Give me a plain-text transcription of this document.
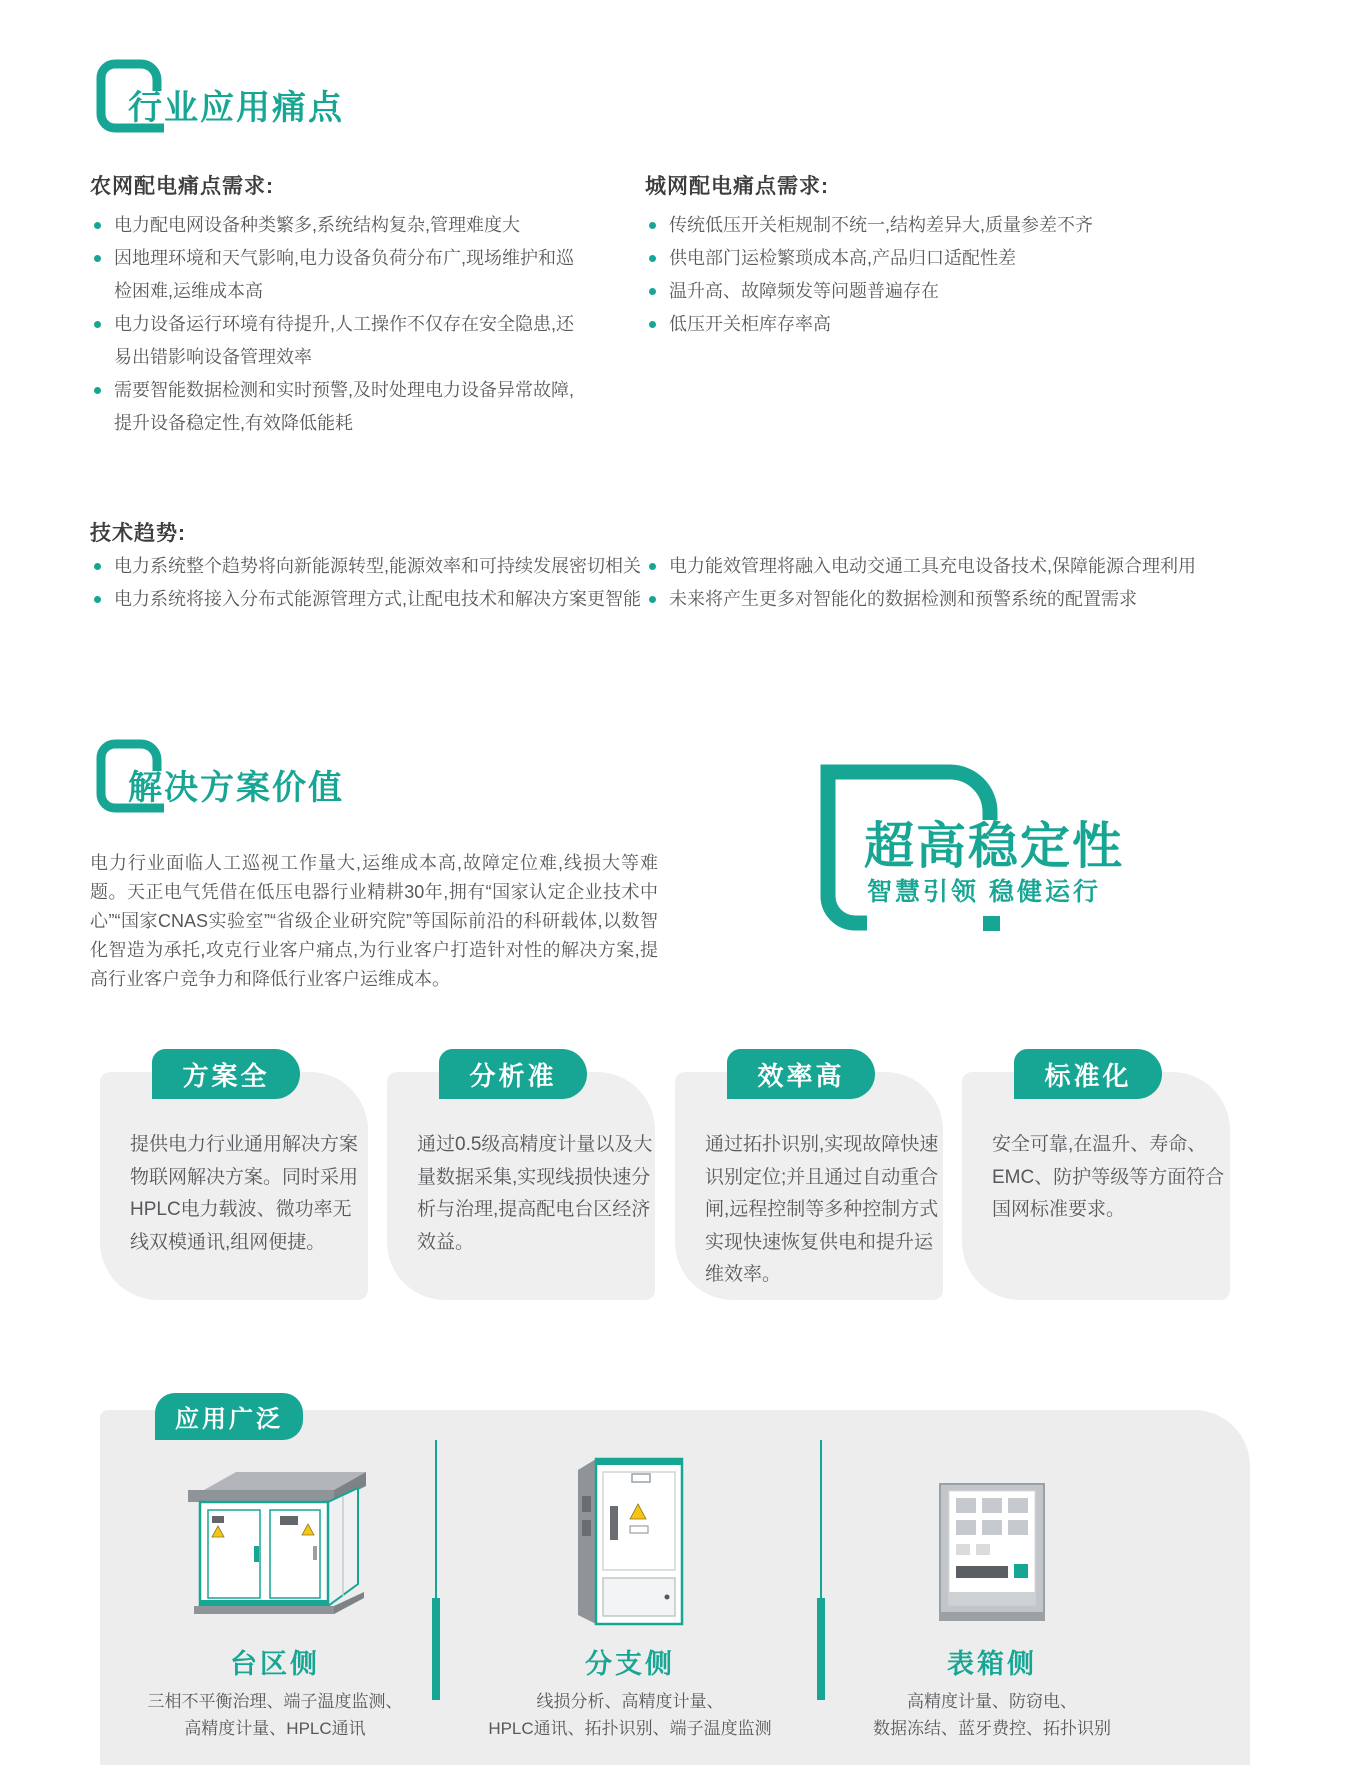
行业应用痛点
农网配电痛点需求:
电力配电网设备种类繁多,系统结构复杂,管理难度大
因地理环境和天气影响,电力设备负荷分布广,现场维护和巡检困难,运维成本高
电力设备运行环境有待提升,人工操作不仅存在安全隐患,还易出错影响设备管理效率
需要智能数据检测和实时预警,及时处理电力设备异常故障,提升设备稳定性,有效降低能耗
城网配电痛点需求:
传统低压开关柜规制不统一,结构差异大,质量参差不齐
供电部门运检繁琐成本高,产品归口适配性差
温升高、故障频发等问题普遍存在
低压开关柜库存率高
技术趋势:
电力系统整个趋势将向新能源转型,能源效率和可持续发展密切相关
电力系统将接入分布式能源管理方式,让配电技术和解决方案更智能
电力能效管理将融入电动交通工具充电设备技术,保障能源合理利用
未来将产生更多对智能化的数据检测和预警系统的配置需求
解决方案价值

电力行业面临人工巡视工作量大,运维成本高,故障定位难,线损大等难题。天正电气凭借在低压电器行业精耕30年,拥有“国家认定企业技术中心”“国家CNAS实验室”“省级企业研究院”等国际前沿的科研载体,以数智化智造为承托,攻克行业客户痛点,为行业客户打造针对性的解决方案,提高行业客户竞争力和降低行业客户运维成本。

超高稳定性
智慧引领 稳健运行
方案全

提供电力行业通用解决方案物联网解决方案。同时采用HPLC电力载波、微功率无线双模通讯,组网便捷。

分析准

通过0.5级高精度计量以及大量数据采集,实现线损快速分析与治理,提高配电台区经济效益。

效率高

通过拓扑识别,实现故障快速识别定位;并且通过自动重合闸,远程控制等多种控制方式实现快速恢复供电和提升运维效率。

标准化

安全可靠,在温升、寿命、EMC、防护等级等方面符合国网标准要求。

应用广泛
台区侧

三相不平衡治理、端子温度监测、
高精度计量、HPLC通讯

分支侧

线损分析、高精度计量、
HPLC通讯、拓扑识别、端子温度监测

表箱侧

高精度计量、防窃电、
数据冻结、蓝牙费控、拓扑识别
